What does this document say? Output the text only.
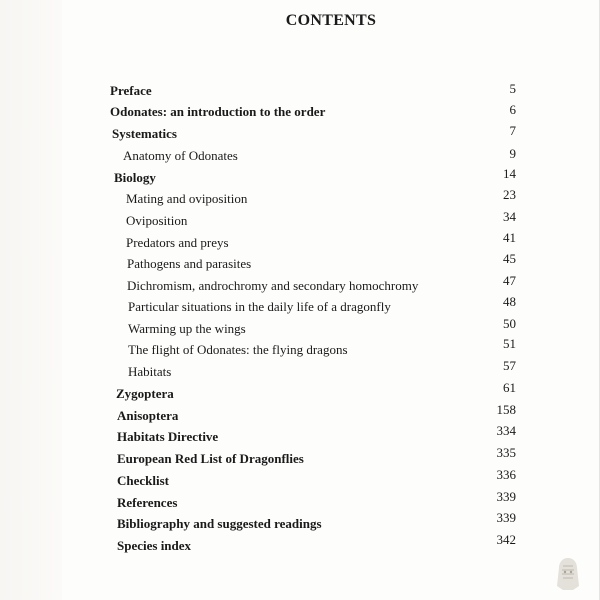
CONTENTS
Preface	5
Odonates: an introduction to the order	6
Systematics	7
Anatomy of Odonates	9
Biology	14
Mating and oviposition	23
Oviposition	34
Predators and preys	41
Pathogens and parasites	45
Dichromism, androchromy and secondary homochromy	47
Particular situations in the daily life of a dragonfly	48
Warming up the wings	50
The flight of Odonates: the flying dragons	51
Habitats	57
Zygoptera	61
Anisoptera	158
Habitats Directive	334
European Red List of Dragonflies	335
Checklist	336
References	339
Bibliography and suggested readings	339
Species index	342
